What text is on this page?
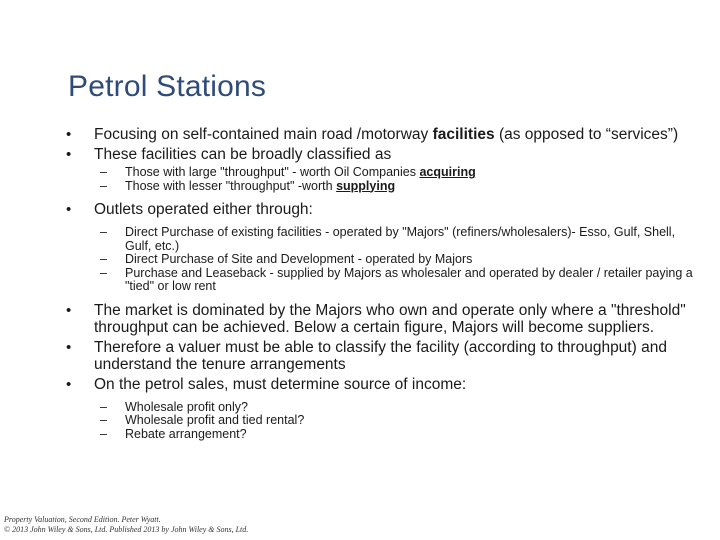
Petrol Stations
• Focusing on self-contained main road /motorway facilities (as opposed to “services”)
• These facilities can be broadly classified as
– Those with large "throughput" - worth Oil Companies acquiring
– Those with lesser "throughput" -worth supplying
• Outlets operated either through:
– Direct Purchase of existing facilities - operated by "Majors" (refiners/wholesalers)- Esso, Gulf, Shell, Gulf, etc.)
– Direct Purchase of Site and Development - operated by Majors
– Purchase and Leaseback - supplied by Majors as wholesaler and operated by dealer / retailer paying a "tied" or low rent
• The market is dominated by the Majors who own and operate only where a "threshold" throughput can be achieved. Below a certain figure, Majors will become suppliers.
• Therefore a valuer must be able to classify the facility (according to throughput) and understand the tenure arrangements
• On the petrol sales, must determine source of income:
– Wholesale profit only?
– Wholesale profit and tied rental?
– Rebate arrangement?
Property Valuation, Second Edition. Peter Wyatt.
© 2013 John Wiley & Sons, Ltd. Published 2013 by John Wiley & Sons, Ltd.
